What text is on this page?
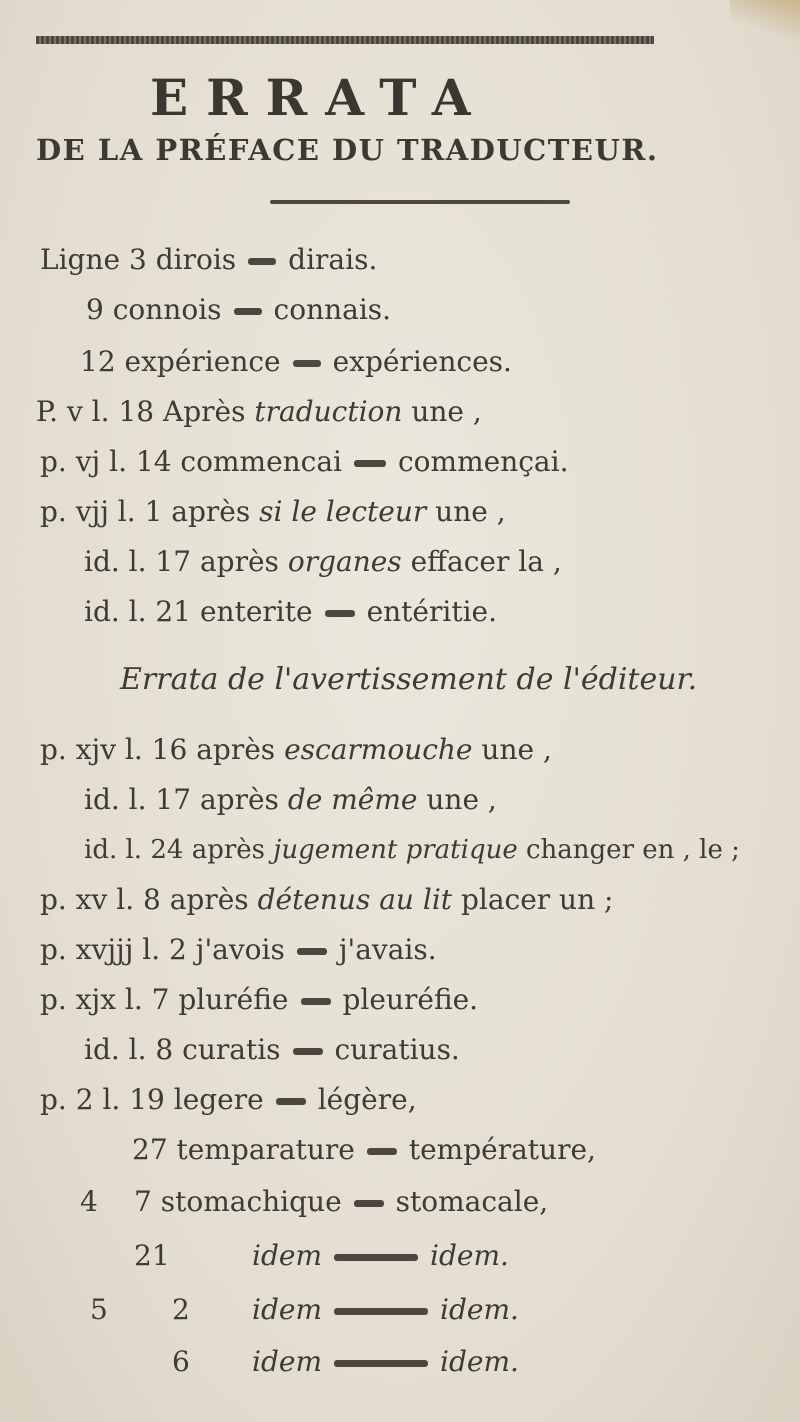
ERRATA
DE LA PRÉFACE DU TRADUCTEUR.
Ligne 3 dirois dirais.
9 connois connais.
12 expérience expériences.
P. v l. 18 Après traduction une ,
p. vj l. 14 commencai commençai.
p. vjj l. 1 après si le lecteur une ,
id. l. 17 après organes effacer la ,
id. l. 21 enterite entéritie.
Errata de l'avertissement de l'éditeur.
p. xjv l. 16 après escarmouche une ,
id. l. 17 après de même une ,
id. l. 24 après jugement pratique changer en , le ;
p. xv l. 8 après détenus au lit placer un ;
p. xvjjj l. 2 j'avois j'avais.
p. xjx l. 7 pluréfie pleuréfie.
id. l. 8 curatis curatius.
p. 2 l. 19 legere légère,
27 temparature température,
4 7 stomachique stomacale,
21	idem	idem.
5 2 idem	idem.
6 idem	idem.
